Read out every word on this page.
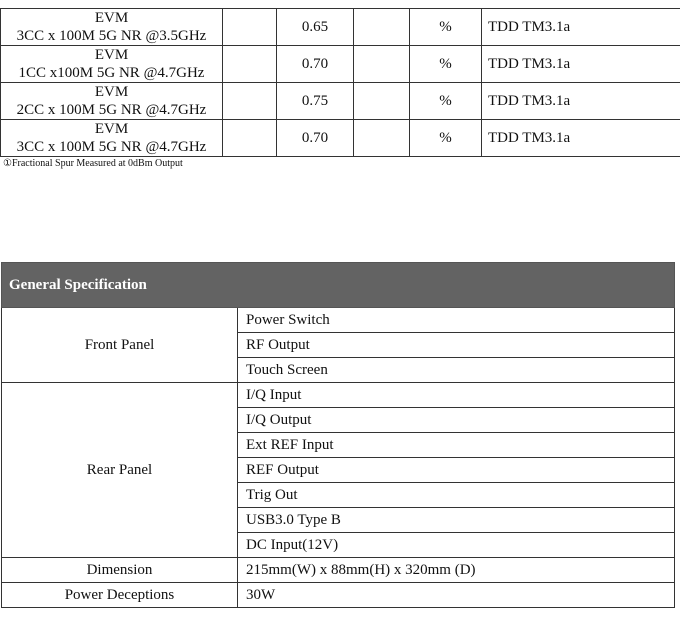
EVM
3CC x 100M 5G NR @3.5GHz		0.65		%	TDD TM3.1a

EVM
1CC x100M 5G NR @4.7GHz		0.70		%	TDD TM3.1a

EVM
2CC x 100M 5G NR @4.7GHz		0.75		%	TDD TM3.1a

EVM
3CC x 100M 5G NR @4.7GHz		0.70		%	TDD TM3.1a

①Fractional Spur Measured at 0dBm Output

General Specification	
Front Panel	Power Switch
	RF Output
	Touch Screen
Rear Panel	I/Q Input
	I/Q Output
	Ext REF Input
	REF Output
	Trig Out
	USB3.0 Type B
	DC Input(12V)
Dimension	215mm(W) x 88mm(H) x 320mm (D)
Power Deceptions	30W
